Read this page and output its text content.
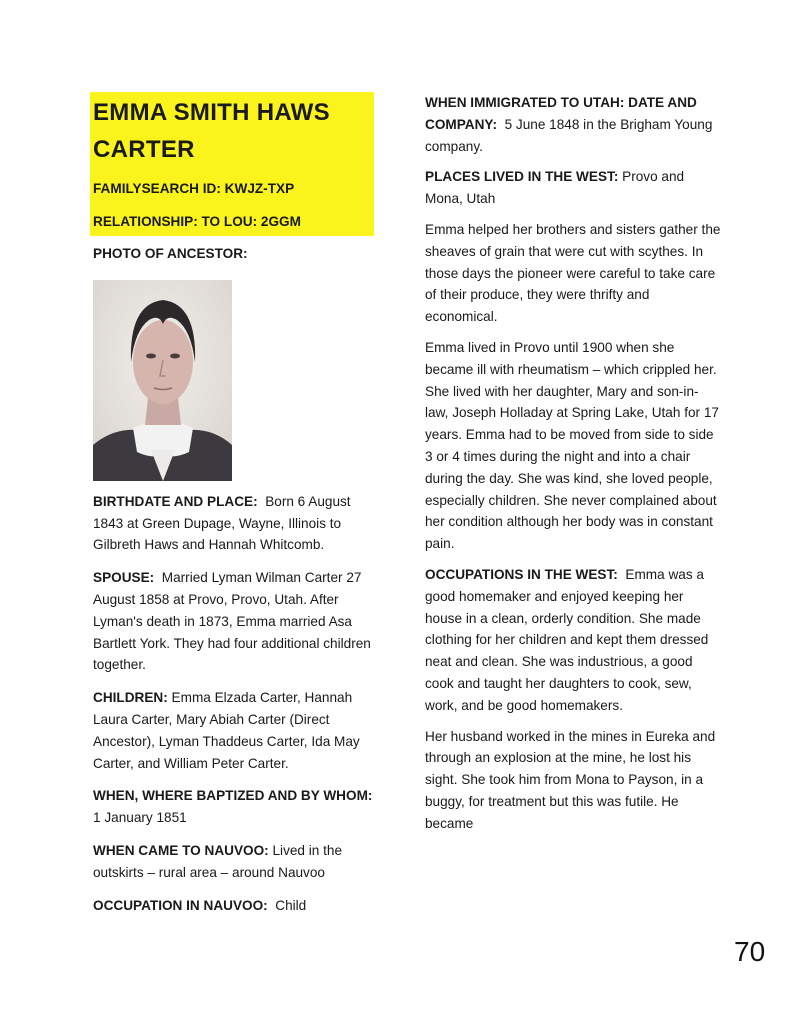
EMMA SMITH HAWS CARTER
FAMILYSEARCH ID: KWJZ-TXP
RELATIONSHIP: TO LOU: 2GGM
PHOTO OF ANCESTOR:

BIRTHDATE AND PLACE: Born 6 August 1843 at Green Dupage, Wayne, Illinois to Gilbreth Haws and Hannah Whitcomb.

SPOUSE: Married Lyman Wilman Carter 27 August 1858 at Provo, Provo, Utah. After Lyman's death in 1873, Emma married Asa Bartlett York. They had four additional children together.

CHILDREN: Emma Elzada Carter, Hannah Laura Carter, Mary Abiah Carter (Direct Ancestor), Lyman Thaddeus Carter, Ida May Carter, and William Peter Carter.

WHEN, WHERE BAPTIZED AND BY WHOM: 1 January 1851

WHEN CAME TO NAUVOO: Lived in the outskirts – rural area – around Nauvoo

OCCUPATION IN NAUVOO: Child

WHEN IMMIGRATED TO UTAH: DATE AND COMPANY: 5 June 1848 in the Brigham Young company.

PLACES LIVED IN THE WEST: Provo and Mona, Utah

Emma helped her brothers and sisters gather the sheaves of grain that were cut with scythes. In those days the pioneer were careful to take care of their produce, they were thrifty and economical.

Emma lived in Provo until 1900 when she became ill with rheumatism – which crippled her. She lived with her daughter, Mary and son-in-law, Joseph Holladay at Spring Lake, Utah for 17 years. Emma had to be moved from side to side 3 or 4 times during the night and into a chair during the day. She was kind, she loved people, especially children. She never complained about her condition although her body was in constant pain.

OCCUPATIONS IN THE WEST: Emma was a good homemaker and enjoyed keeping her house in a clean, orderly condition. She made clothing for her children and kept them dressed neat and clean. She was industrious, a good cook and taught her daughters to cook, sew, work, and be good homemakers.

Her husband worked in the mines in Eureka and through an explosion at the mine, he lost his sight. She took him from Mona to Payson, in a buggy, for treatment but this was futile. He became

70
